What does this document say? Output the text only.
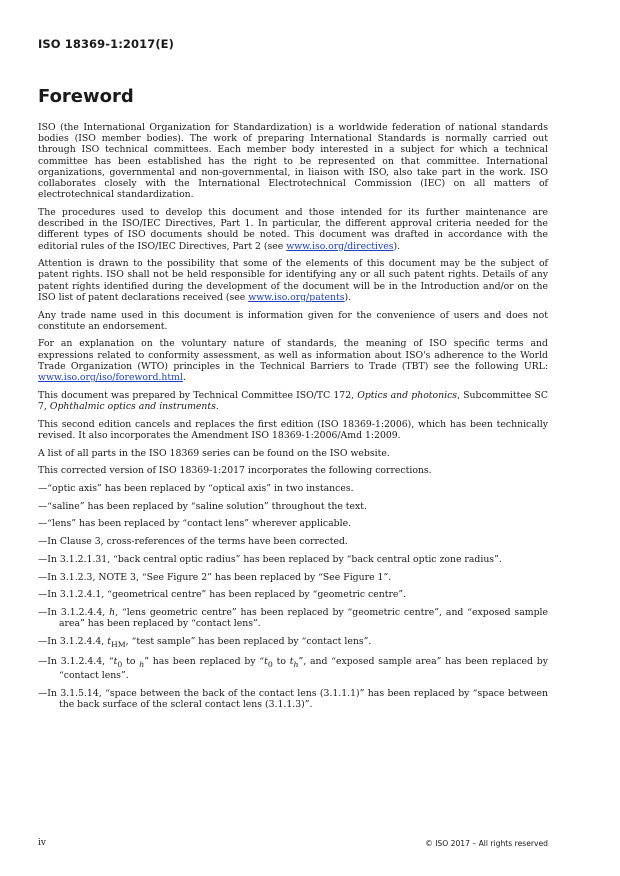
ISO 18369-1:2017(E)
Foreword

ISO (the International Organization for Standardization) is a worldwide federation of national standards bodies (ISO member bodies). The work of preparing International Standards is normally carried out through ISO technical committees. Each member body interested in a subject for which a technical committee has been established has the right to be represented on that committee. International organizations, governmental and non-governmental, in liaison with ISO, also take part in the work. ISO collaborates closely with the International Electrotechnical Commission (IEC) on all matters of electrotechnical standardization.

The procedures used to develop this document and those intended for its further maintenance are described in the ISO/IEC Directives, Part 1. In particular, the different approval criteria needed for the different types of ISO documents should be noted. This document was drafted in accordance with the editorial rules of the ISO/IEC Directives, Part 2 (see www.iso.org/directives).

Attention is drawn to the possibility that some of the elements of this document may be the subject of patent rights. ISO shall not be held responsible for identifying any or all such patent rights. Details of any patent rights identified during the development of the document will be in the Introduction and/or on the ISO list of patent declarations received (see www.iso.org/patents).

Any trade name used in this document is information given for the convenience of users and does not constitute an endorsement.

For an explanation on the voluntary nature of standards, the meaning of ISO specific terms and expressions related to conformity assessment, as well as information about ISO's adherence to the World Trade Organization (WTO) principles in the Technical Barriers to Trade (TBT) see the following URL: www.iso.org/iso/foreword.html.

This document was prepared by Technical Committee ISO/TC 172, Optics and photonics, Subcommittee SC 7, Ophthalmic optics and instruments.

This second edition cancels and replaces the first edition (ISO 18369-1:2006), which has been technically revised. It also incorporates the Amendment ISO 18369-1:2006/Amd 1:2009.

A list of all parts in the ISO 18369 series can be found on the ISO website.

This corrected version of ISO 18369-1:2017 incorporates the following corrections.

—“optic axis” has been replaced by “optical axis” in two instances.

—“saline” has been replaced by “saline solution” throughout the text.

—“lens” has been replaced by “contact lens” wherever applicable.

—In Clause 3, cross-references of the terms have been corrected.

—In 3.1.2.1.31, “back central optic radius” has been replaced by “back central optic zone radius”.

—In 3.1.2.3, NOTE 3, “See Figure 2” has been replaced by “See Figure 1”.

—In 3.1.2.4.1, “geometrical centre” has been replaced by “geometric centre”.

—In 3.1.2.4.4, h, “lens geometric centre” has been replaced by “geometric centre”, and “exposed sample area” has been replaced by “contact lens”.

—In 3.1.2.4.4, $t_{HM}$, “test sample” has been replaced by “contact lens”.

—In 3.1.2.4.4, “$t_0$ to $_h$” has been replaced by “$t_0$ to $t_h$”, and “exposed sample area” has been replaced by “contact lens”.

—In 3.1.5.14, “space between the back of the contact lens (3.1.1.1)” has been replaced by “space between the back surface of the scleral contact lens (3.1.1.3)”.

iv	© ISO 2017 – All rights reserved
